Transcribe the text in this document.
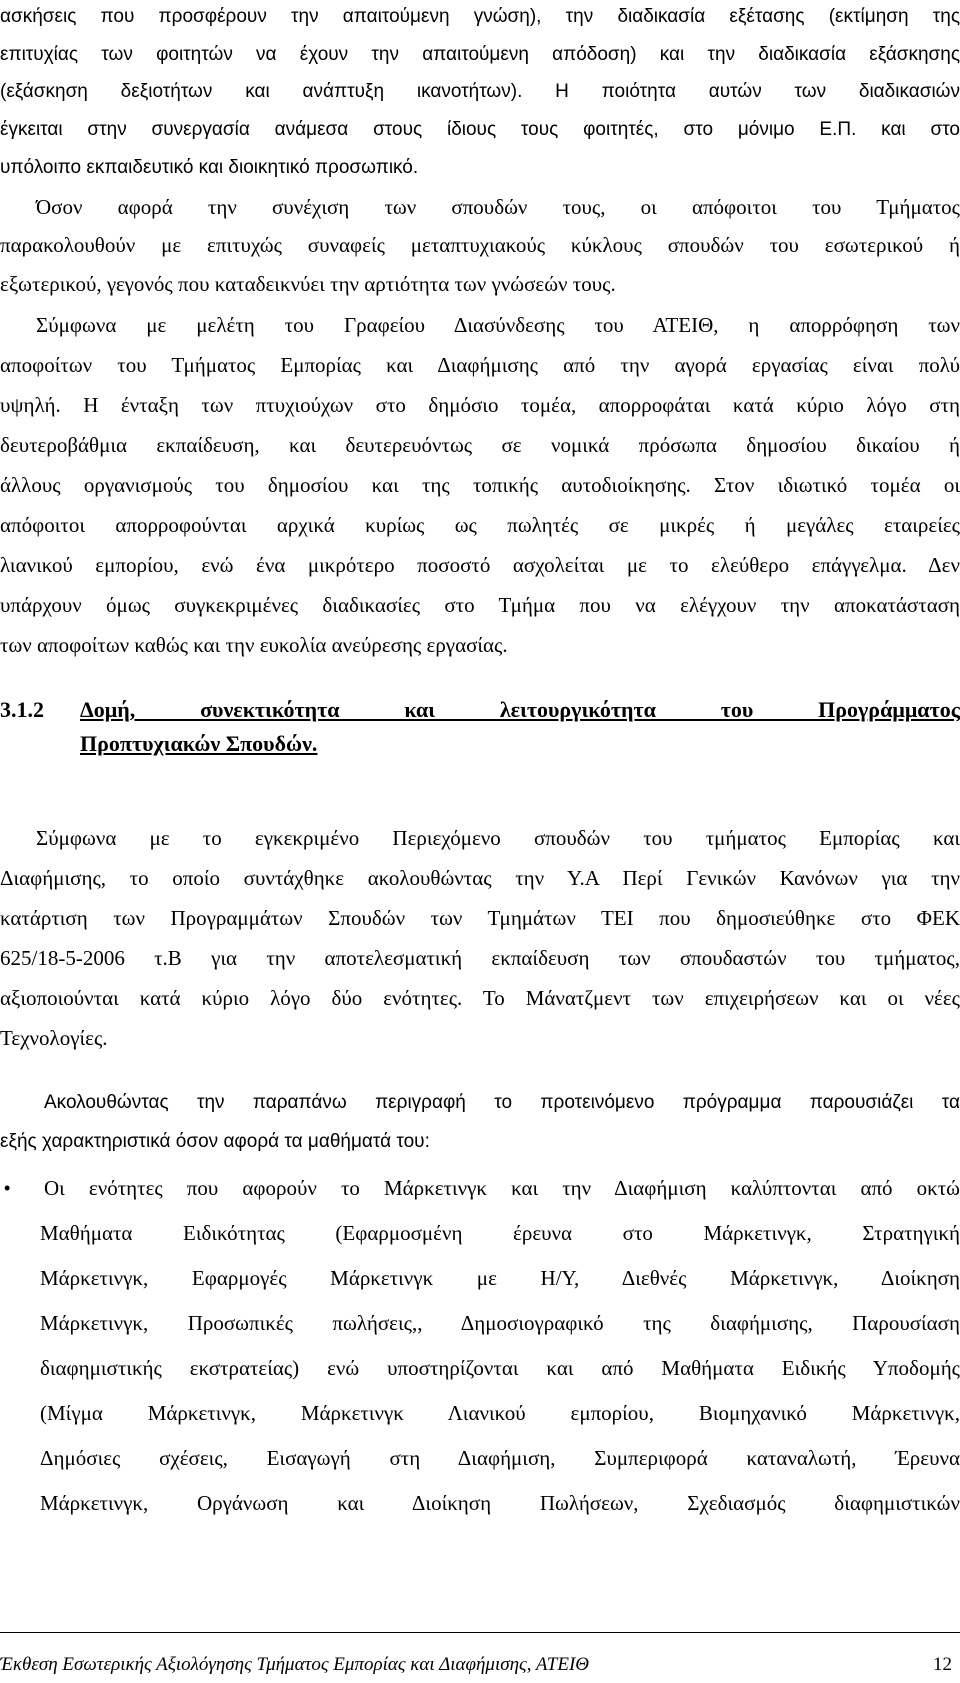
ασκήσεις που προσφέρουν την απαιτούμενη γνώση), την διαδικασία εξέτασης (εκτίμηση της
επιτυχίας των φοιτητών να έχουν την απαιτούμενη απόδοση) και την διαδικασία εξάσκησης
(εξάσκηση δεξιοτήτων και ανάπτυξη ικανοτήτων). Η ποιότητα αυτών των διαδικασιών
έγκειται στην συνεργασία ανάμεσα στους ίδιους τους φοιτητές, στο μόνιμο Ε.Π. και στο
υπόλοιπο εκπαιδευτικό και διοικητικό προσωπικό.
Όσον αφορά την συνέχιση των σπουδών τους, οι απόφοιτοι του Τμήματος
παρακολουθούν με επιτυχώς συναφείς μεταπτυχιακούς κύκλους σπουδών του εσωτερικού ή
εξωτερικού, γεγονός που καταδεικνύει την αρτιότητα των γνώσεών τους.
Σύμφωνα με μελέτη του Γραφείου Διασύνδεσης του ΑΤΕΙΘ, η απορρόφηση των
αποφοίτων του Τμήματος Εμπορίας και Διαφήμισης από την αγορά εργασίας είναι πολύ
υψηλή. Η ένταξη των πτυχιούχων στο δημόσιο τομέα, απορροφάται κατά κύριο λόγο στη
δευτεροβάθμια εκπαίδευση, και δευτερευόντως σε νομικά πρόσωπα δημοσίου δικαίου ή
άλλους οργανισμούς του δημοσίου και της τοπικής αυτοδιοίκησης. Στον ιδιωτικό τομέα οι
απόφοιτοι απορροφούνται αρχικά κυρίως ως πωλητές σε μικρές ή μεγάλες εταιρείες
λιανικού εμπορίου, ενώ ένα μικρότερο ποσοστό ασχολείται με το ελεύθερο επάγγελμα. Δεν
υπάρχουν όμως συγκεκριμένες διαδικασίες στο Τμήμα που να ελέγχουν την αποκατάσταση
των αποφοίτων καθώς και την ευκολία ανεύρεσης εργασίας.
3.1.2	Δομή, συνεκτικότητα και λειτουργικότητα του Προγράμματος
Προπτυχιακών Σπουδών.
Σύμφωνα με το εγκεκριμένο Περιεχόμενο σπουδών του τμήματος Εμπορίας και
Διαφήμισης, το οποίο συντάχθηκε ακολουθώντας την Υ.Α Περί Γενικών Κανόνων για την
κατάρτιση των Προγραμμάτων Σπουδών των Τμημάτων ΤΕΙ που δημοσιεύθηκε στο ΦΕΚ
625/18-5-2006 τ.Β για την αποτελεσματική εκπαίδευση των σπουδαστών του τμήματος,
αξιοποιούνται κατά κύριο λόγο δύο ενότητες. Το Μάνατζμεντ των επιχειρήσεων και οι νέες
Τεχνολογίες.
Ακολουθώντας την παραπάνω περιγραφή το προτεινόμενο πρόγραμμα παρουσιάζει τα
εξής χαρακτηριστικά όσον αφορά τα μαθήματά του:
• Οι ενότητες που αφορούν το Μάρκετινγκ και την Διαφήμιση καλύπτονται από οκτώ
Μαθήματα Ειδικότητας (Εφαρμοσμένη έρευνα στο Μάρκετινγκ, Στρατηγική
Μάρκετινγκ, Εφαρμογές Μάρκετινγκ με Η/Υ, Διεθνές Μάρκετινγκ, Διοίκηση
Μάρκετινγκ, Προσωπικές πωλήσεις,, Δημοσιογραφικό της διαφήμισης, Παρουσίαση
διαφημιστικής εκστρατείας) ενώ υποστηρίζονται και από Μαθήματα Ειδικής Υποδομής
(Μίγμα Μάρκετινγκ, Μάρκετινγκ Λιανικού εμπορίου, Βιομηχανικό Μάρκετινγκ,
Δημόσιες σχέσεις, Εισαγωγή στη Διαφήμιση, Συμπεριφορά καταναλωτή, Έρευνα
Μάρκετινγκ, Οργάνωση και Διοίκηση Πωλήσεων, Σχεδιασμός διαφημιστικών
Έκθεση Εσωτερικής Αξιολόγησης Τμήματος Εμπορίας και Διαφήμισης, ΑΤΕΙΘ	12
